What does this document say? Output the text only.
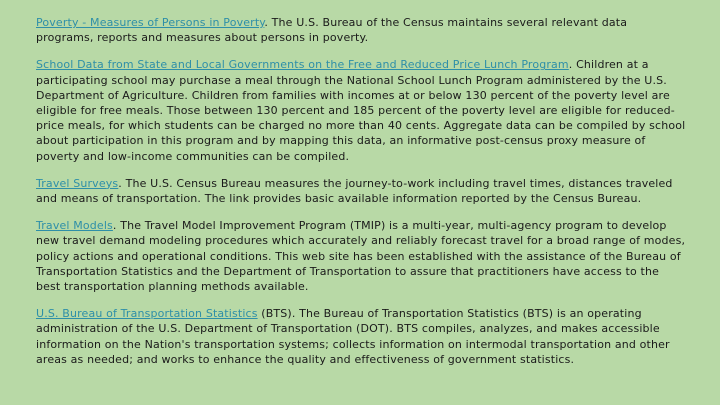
Poverty - Measures of Persons in Poverty. The U.S. Bureau of the Census maintains several relevant data programs, reports and measures about persons in poverty.

School Data from State and Local Governments on the Free and Reduced Price Lunch Program. Children at a participating school may purchase a meal through the National School Lunch Program administered by the U.S. Department of Agriculture. Children from families with incomes at or below 130 percent of the poverty level are eligible for free meals. Those between 130 percent and 185 percent of the poverty level are eligible for reduced-price meals, for which students can be charged no more than 40 cents. Aggregate data can be compiled by school about participation in this program and by mapping this data, an informative post-census proxy measure of poverty and low-income communities can be compiled.

Travel Surveys. The U.S. Census Bureau measures the journey-to-work including travel times, distances traveled and means of transportation. The link provides basic available information reported by the Census Bureau.

Travel Models. The Travel Model Improvement Program (TMIP) is a multi-year, multi-agency program to develop new travel demand modeling procedures which accurately and reliably forecast travel for a broad range of modes, policy actions and operational conditions. This web site has been established with the assistance of the Bureau of Transportation Statistics and the Department of Transportation to assure that practitioners have access to the best transportation planning methods available.

U.S. Bureau of Transportation Statistics (BTS). The Bureau of Transportation Statistics (BTS) is an operating administration of the U.S. Department of Transportation (DOT). BTS compiles, analyzes, and makes accessible information on the Nation's transportation systems; collects information on intermodal transportation and other areas as needed; and works to enhance the quality and effectiveness of government statistics.
